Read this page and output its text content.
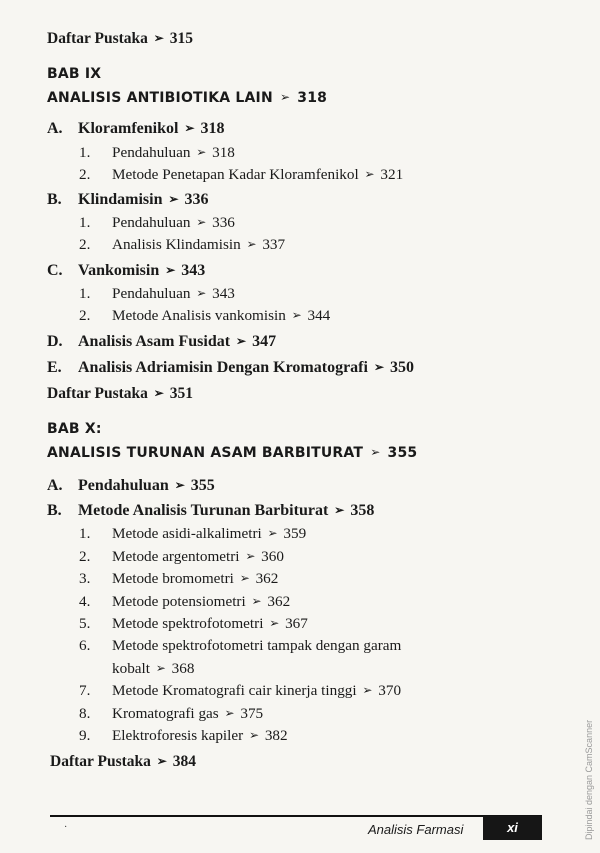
Daftar Pustaka ➢ 315
BAB IX
ANALISIS ANTIBIOTIKA LAIN ➢ 318
A. Kloramfenikol ➢ 318
1. Pendahuluan ➢ 318
2. Metode Penetapan Kadar Kloramfenikol ➢ 321
B. Klindamisin ➢ 336
1. Pendahuluan ➢ 336
2. Analisis Klindamisin ➢ 337
C. Vankomisin ➢ 343
1. Pendahuluan ➢ 343
2. Metode Analisis vankomisin ➢ 344
D. Analisis Asam Fusidat ➢ 347
E. Analisis Adriamisin Dengan Kromatografi ➢ 350
Daftar Pustaka ➢ 351
BAB X:
ANALISIS TURUNAN ASAM BARBITURAT ➢ 355
A. Pendahuluan ➢ 355
B. Metode Analisis Turunan Barbiturat ➢ 358
1. Metode asidi-alkalimetri ➢ 359
2. Metode argentometri ➢ 360
3. Metode bromometri ➢ 362
4. Metode potensiometri ➢ 362
5. Metode spektrofotometri ➢ 367
6. Metode spektrofotometri tampak dengan garam
kobalt ➢ 368
7. Metode Kromatografi cair kinerja tinggi ➢ 370
8. Kromatografi gas ➢ 375
9. Elektroforesis kapiler ➢ 382
Daftar Pustaka ➢ 384
·	Analisis Farmasi	xi	Dipindai dengan CamScanner
